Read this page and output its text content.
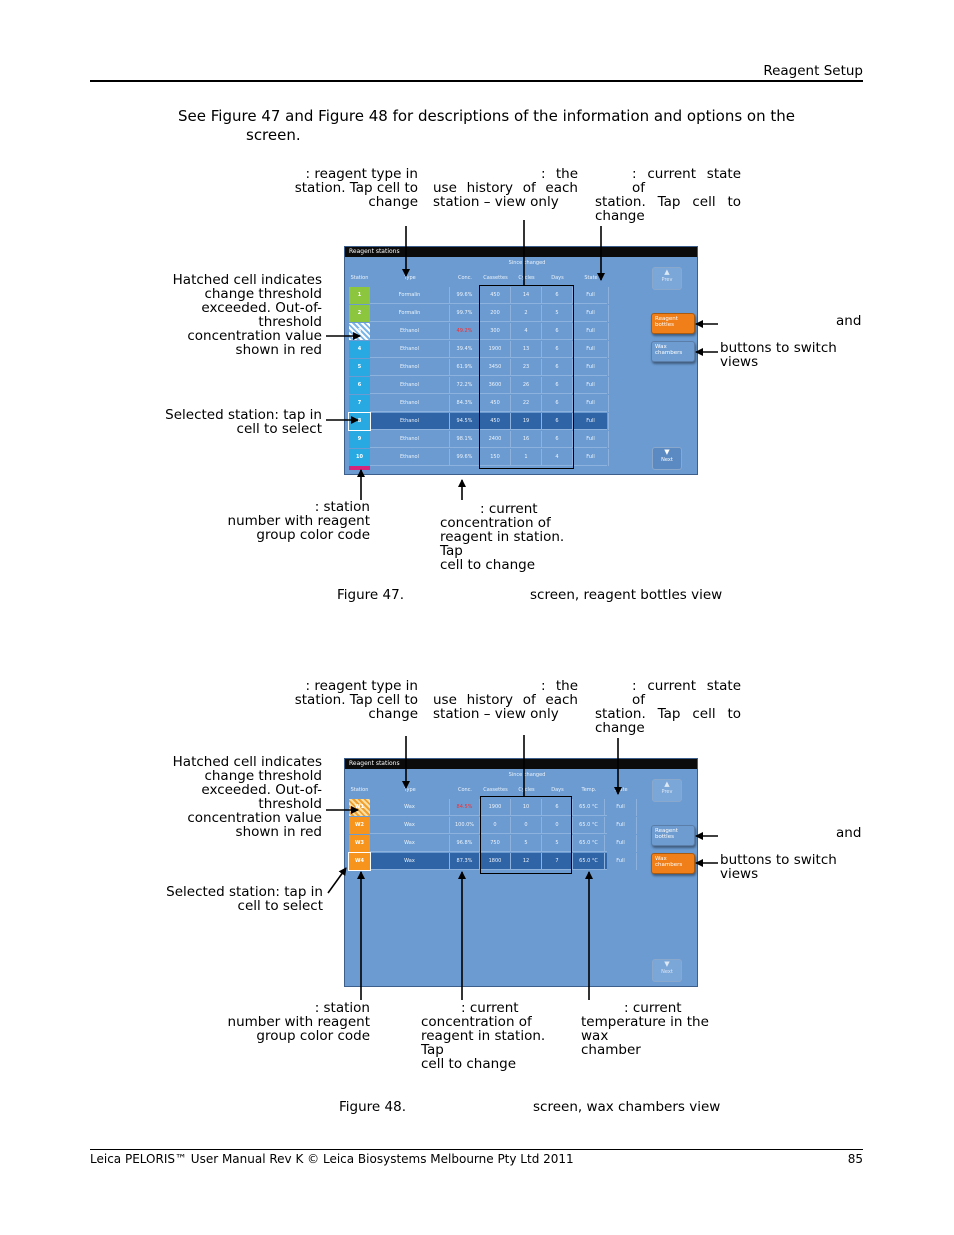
Reagent Setup
See Figure 47 and Figure 48 for descriptions of the information and options on the
screen.
: reagent type in
station. Tap cell to
change
: the
use history of each
station – view only
: current state of
station. Tap cell to
change
Hatched cell indicates
change threshold
exceeded. Out-of-
threshold
concentration value
shown in red
Selected station: tap in
cell to select
and
buttons to switch
views
: station
number with reagent
group color code
: current
concentration of
reagent in station. Tap
cell to change
Reagent stations
Since changed
Station	Type	Conc.	Cassettes	Cycles	Days	State
1	Formalin	99.6%	450	14	6	Full
2	Formalin	99.7%	200	2	5	Full
3	Ethanol	49.2%	300	4	6	Full
4	Ethanol	39.4%	1900	13	6	Full
5	Ethanol	61.9%	3450	23	6	Full
6	Ethanol	72.2%	3600	26	6	Full
7	Ethanol	84.3%	450	22	6	Full
8	Ethanol	94.5%	450	19	6	Full
9	Ethanol	98.1%	2400	16	6	Full
10	Ethanol	99.6%	150	1	4	Full
▲
Prev
Reagent
bottles
Wax
chambers
▼
Next
Figure 47.	screen, reagent bottles view
: reagent type in
station. Tap cell to
change
: the
use history of each
station – view only
: current state of
station. Tap cell to
change
Hatched cell indicates
change threshold
exceeded. Out-of-
threshold
concentration value
shown in red
Selected station: tap in
cell to select
and
buttons to switch
views
: station
number with reagent
group color code
: current
concentration of
reagent in station. Tap
cell to change
: current
temperature in the wax
chamber
Reagent stations
Since changed
Station	Type	Conc.	Cassettes	Cycles	Days	Temp.	State
W1	Wax	84.5%	1900	10	6	65.0 °C	Full
W2	Wax	100.0%	0	0	0	65.0 °C	Full
W3	Wax	96.8%	750	5	5	65.0 °C	Full
W4	Wax	87.3%	1800	12	7	65.0 °C	Full
▲
Prev
Reagent
bottles
Wax
chambers
▼
Next
Figure 48.	screen, wax chambers view
Leica PELORIS™ User Manual Rev K © Leica Biosystems Melbourne Pty Ltd 2011	85
